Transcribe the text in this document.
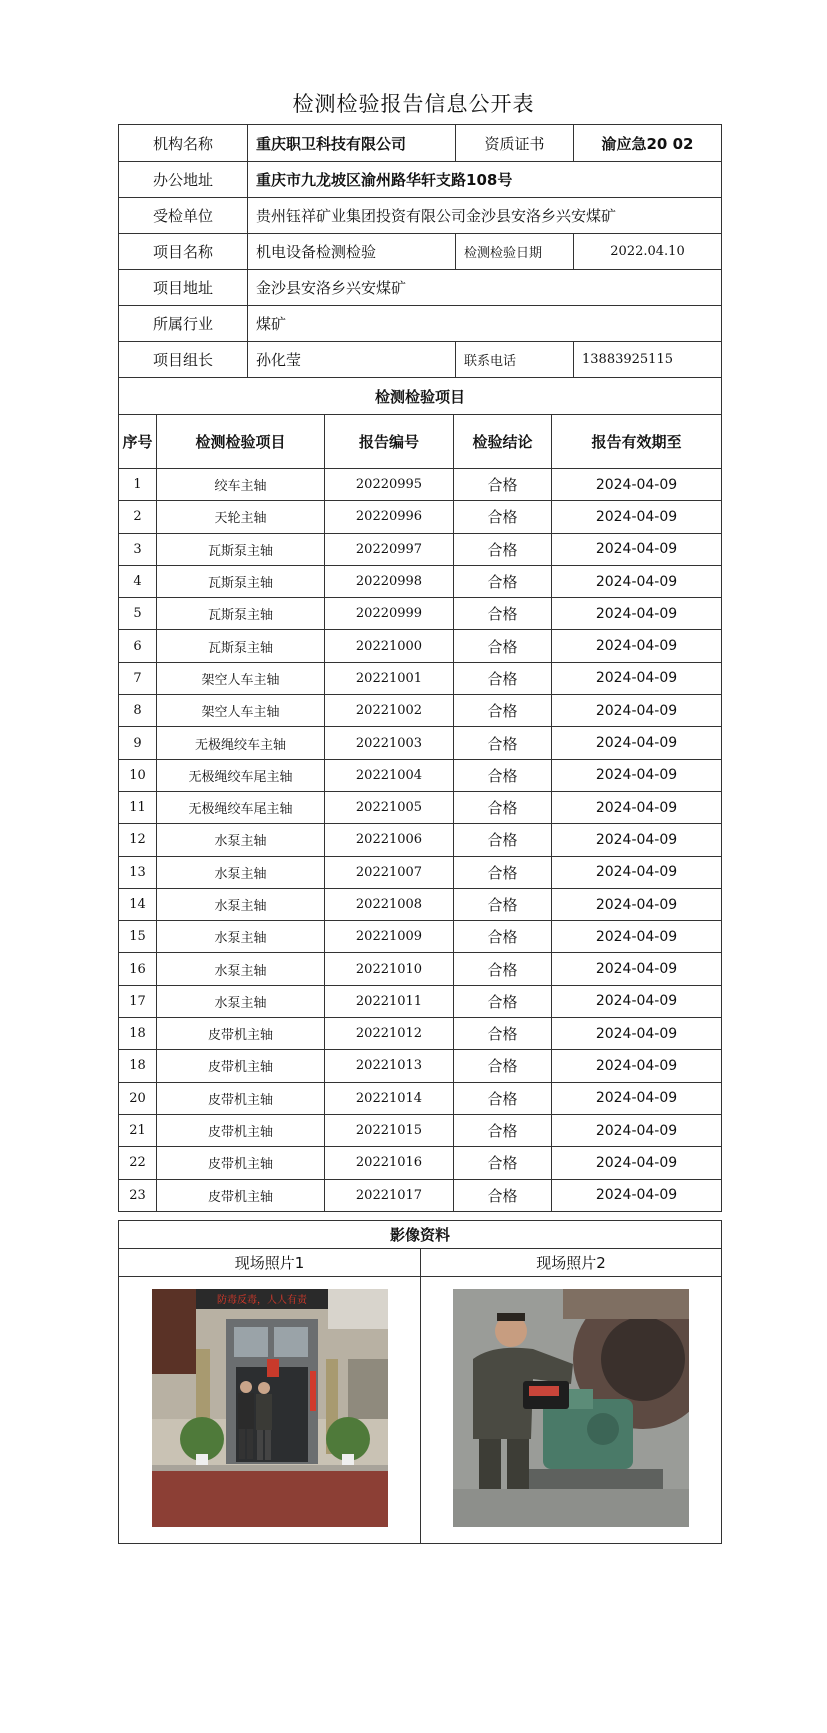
检测检验报告信息公开表
机构名称	重庆职卫科技有限公司	资质证书	渝应急20 02
办公地址	重庆市九龙坡区渝州路华轩支路108号		
受检单位	贵州钰祥矿业集团投资有限公司金沙县安洛乡兴安煤矿		
项目名称	机电设备检测检验	检测检验日期	2022.04.10
项目地址	金沙县安洛乡兴安煤矿		
所属行业	煤矿		
项目组长	孙化莹	联系电话	13883925115
检测检验项目				
序号	检测检验项目	报告编号	检验结论	报告有效期至
1	绞车主轴	20220995	合格	2024-04-09
2	天轮主轴	20220996	合格	2024-04-09
3	瓦斯泵主轴	20220997	合格	2024-04-09
4	瓦斯泵主轴	20220998	合格	2024-04-09
5	瓦斯泵主轴	20220999	合格	2024-04-09
6	瓦斯泵主轴	20221000	合格	2024-04-09
7	架空人车主轴	20221001	合格	2024-04-09
8	架空人车主轴	20221002	合格	2024-04-09
9	无极绳绞车主轴	20221003	合格	2024-04-09
10	无极绳绞车尾主轴	20221004	合格	2024-04-09
11	无极绳绞车尾主轴	20221005	合格	2024-04-09
12	水泵主轴	20221006	合格	2024-04-09
13	水泵主轴	20221007	合格	2024-04-09
14	水泵主轴	20221008	合格	2024-04-09
15	水泵主轴	20221009	合格	2024-04-09
16	水泵主轴	20221010	合格	2024-04-09
17	水泵主轴	20221011	合格	2024-04-09
18	皮带机主轴	20221012	合格	2024-04-09
18	皮带机主轴	20221013	合格	2024-04-09
20	皮带机主轴	20221014	合格	2024-04-09
21	皮带机主轴	20221015	合格	2024-04-09
22	皮带机主轴	20221016	合格	2024-04-09
23	皮带机主轴	20221017	合格	2024-04-09
影像资料	
现场照片1	现场照片2

防毒反毒，人人有责
